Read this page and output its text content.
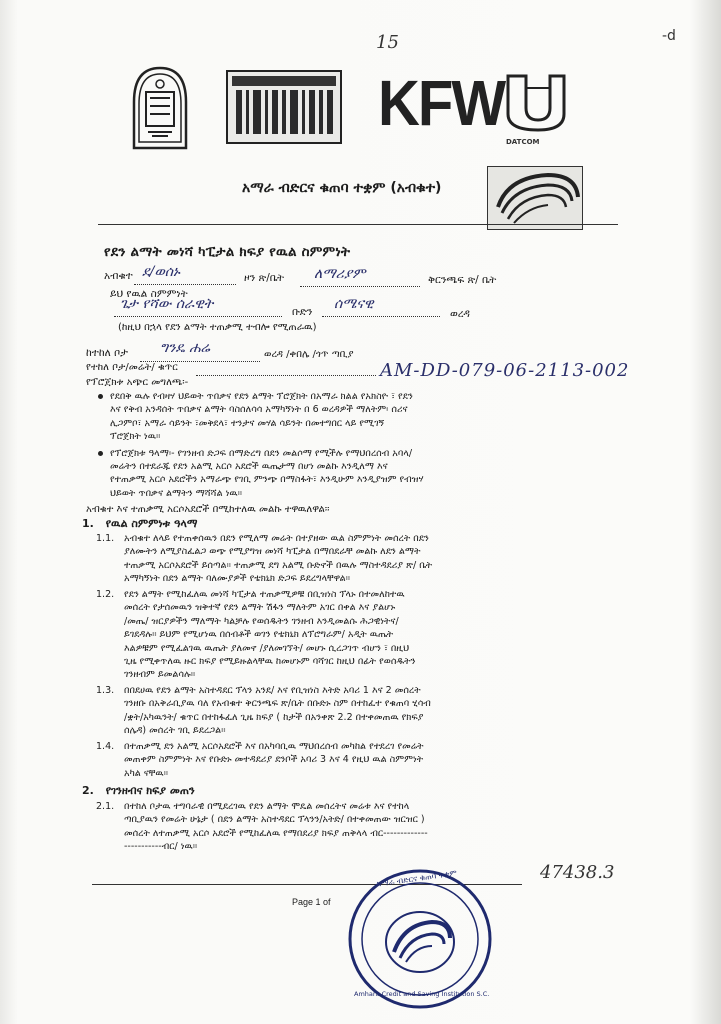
15	-d
KFW
DATCOM
አማራ ብድርና ቁጠባ ተቋም (አብቁተ)
የደን ልማት መነሻ ካፒታል ክፍያ የዉል ስምምነት
አብቁተ ደ/ወሰኑ	ዞን ጽ/ቤት ለማሪያም	ቅርንጫፍ ጽ/ ቤት
ይህ የዉል ስምምነት
ጌታ የሻው ሰራዊት	ቡድን ሰሜናዊ
ወረዳ
(ከዚህ በኋላ የደን ልማት ተጠቃሚ ተብሎ የሚጠራዉ)
ከተከለ ቦታ ግንዴ ሐሬ	ወረዳ /ቀበሌ /ጎጥ ጣቢያ
የተከለ ቦታ/መሬት/ ቁጥር	AM-DD-079-06-2113-002
የፕሮጀክቱ አጭር መግለጫ፡-
የደበቅ ዉሉ የብዛሃ ህይወት ጥበቃና የደን ልማት ፕሮጀክት በአማራ ክልል የአክስዮ ፣ የደን
እና የቅብ አንዳሰት ጥበቃና ልማት ባስሰለሳሳ አማካኝነት በ 6 ወረዳዎች ማለትም፡ ሰሪና
ሊጋምቦ፣ አማራ ሳይንት ፣መቅደላ፣ ተንታና መሃል ሳይንት በመተግበር ላይ የሚገኝ
ፕሮጀክት ነዉ።
የፕሮጀክቱ ዓላማ፡- የገንዘብ ድጋፍ በማድረግ በደን መልሶማ የሚችሉ የማህበረሰብ አባላ/
መሬትን በተደራጁ የደን አልሚ አርሶ አደሮች ዉጤታማ በሆነ መልኩ እንዲለማ እና
የተጠቃሚ አርሶ አደሮችን አማራጭ የገቢ ምንጭ በማስፋት፣ እንዲሁም እንዲያዝም የብዝሃ
ህይወት ጥበቃና ልማትን ማሻሻል ነዉ።
አብቁተ እና ተጠቃሚ አርሶአደሮች በሚከተለዉ መልኩ ተዋዉለዋል፡፡
1. የዉል ስምምነቱ ዓላማ
1.1. አብቁተ ለላይ የተጠቀሰዉን በደን የሚለማ መሬት በተያዘው ዉል ስምምነት መሰረት በደን
ያለሙትን ለሚያስፈልጋ ወጭ የሚያግዝ መነሻ ካፒታል በማበደራቸ መልኩ ለደን ልማት
ተጠቃሚ አርሶአደሮች ይሰጣል። ተጠቃሚ ደግ አልሚ ቡድኖች በዉሉ ማስተዳደሪያ ጽ/ ቤት
አማካኝነት በደን ልማት ባለሙያዎች የቴክኒክ ድጋፍ ይደረግላቸዋል።
1.2. የደን ልማት የሚከፈለዉ መነሻ ካፒታል ተጠቃሚዎቹ በቢዝነስ ፕላኑ በተመለከተዉ
መሰረት የታሰመዉን ዝቅተኛ የደን ልማት ሽፋን ማለትም አገር በቀል እና ያልሆኑ
/መጤ/ ዝርያዎችን ማለማት ካልቻሉ የወሰዱትን ገንዘብ እንዲመልሱ ሕጋዊነትና/
ይገደዳሉ። ይህም የሚሆነዉ በሰብቶች ወገን የቴክኒክ ለፕሮግራም/ አዲት ዉጤት
እልዎቹም የሚፈልገዉ ዉጤት ያለመኖ /ያለመገኘት/ መሆኑ ሲረጋገጥ ብሆን ፣ በዚህ
ጊዜ የሚቀጥለዉ ዙር ክፍያ የሚይዙልላቸዉ ከመሆኑም ባሻገር ከዚህ በፊት የወሰዱትን
ገንዘብም ይመልሳሉ።
1.3. በበደሀዉ የደን ልማት አስተዳደር ፕላን አንደ/ እና የቢዝነስ እትድ አባሪ 1 እና 2 መሰረት
ገንዘቡ በአቅራቢያዉ ባለ የአብቁተ ቅርንጫፍ ጽ/ቤት በቡድኑ ስም በተከፈተ የቁጠባ ሂሳብ
/ቋት/አካዉንት/ ቁጥር በተከፋፈለ ጊዜ ክፍያ ( ከታች በአንቀጽ 2.2 በተቀመጠዉ የክፍያ
ሰሌዳ) መሰረት ገቢ ይደረጋል።
1.4. በተጠቃሚ ደን አልሚ አርሶአደሮች እና በአካባቢዉ ማህበረሰብ መካከል የተደረገ የመሬት
መጠቀም ስምምነት እና የቡድኑ መተዳደሪያ ደንቦች አባሪ 3 እና 4 የዚህ ዉል ስምምነት
አካል ናቸዉ።
2. የገንዘብና ክፍያ መጠን
2.1. በተከለ ቦታዉ ተግባራዊ በሚደረገዉ የደን ልማት ሞዴል መሰረትና መሬቱ እና የተከላ
ጣቢያዉን የመሬት ሁኔታ ( በደን ልማት አስተዳደር ፕላንን/አትድ/ በተቀመጠው ዝርዝር )
መሰረት ለተጠቃሚ አርሶ አደሮች የሚከፈለዉ የማበደሪያ ክፍያ ጠቅላላ ብር-------------
-----------ብር/ ነዉ።
47438.3
Page 1 of
አማራ ብድርና ቁጠባ ተቋም
Amhara Credit and Saving Institution S.C.
